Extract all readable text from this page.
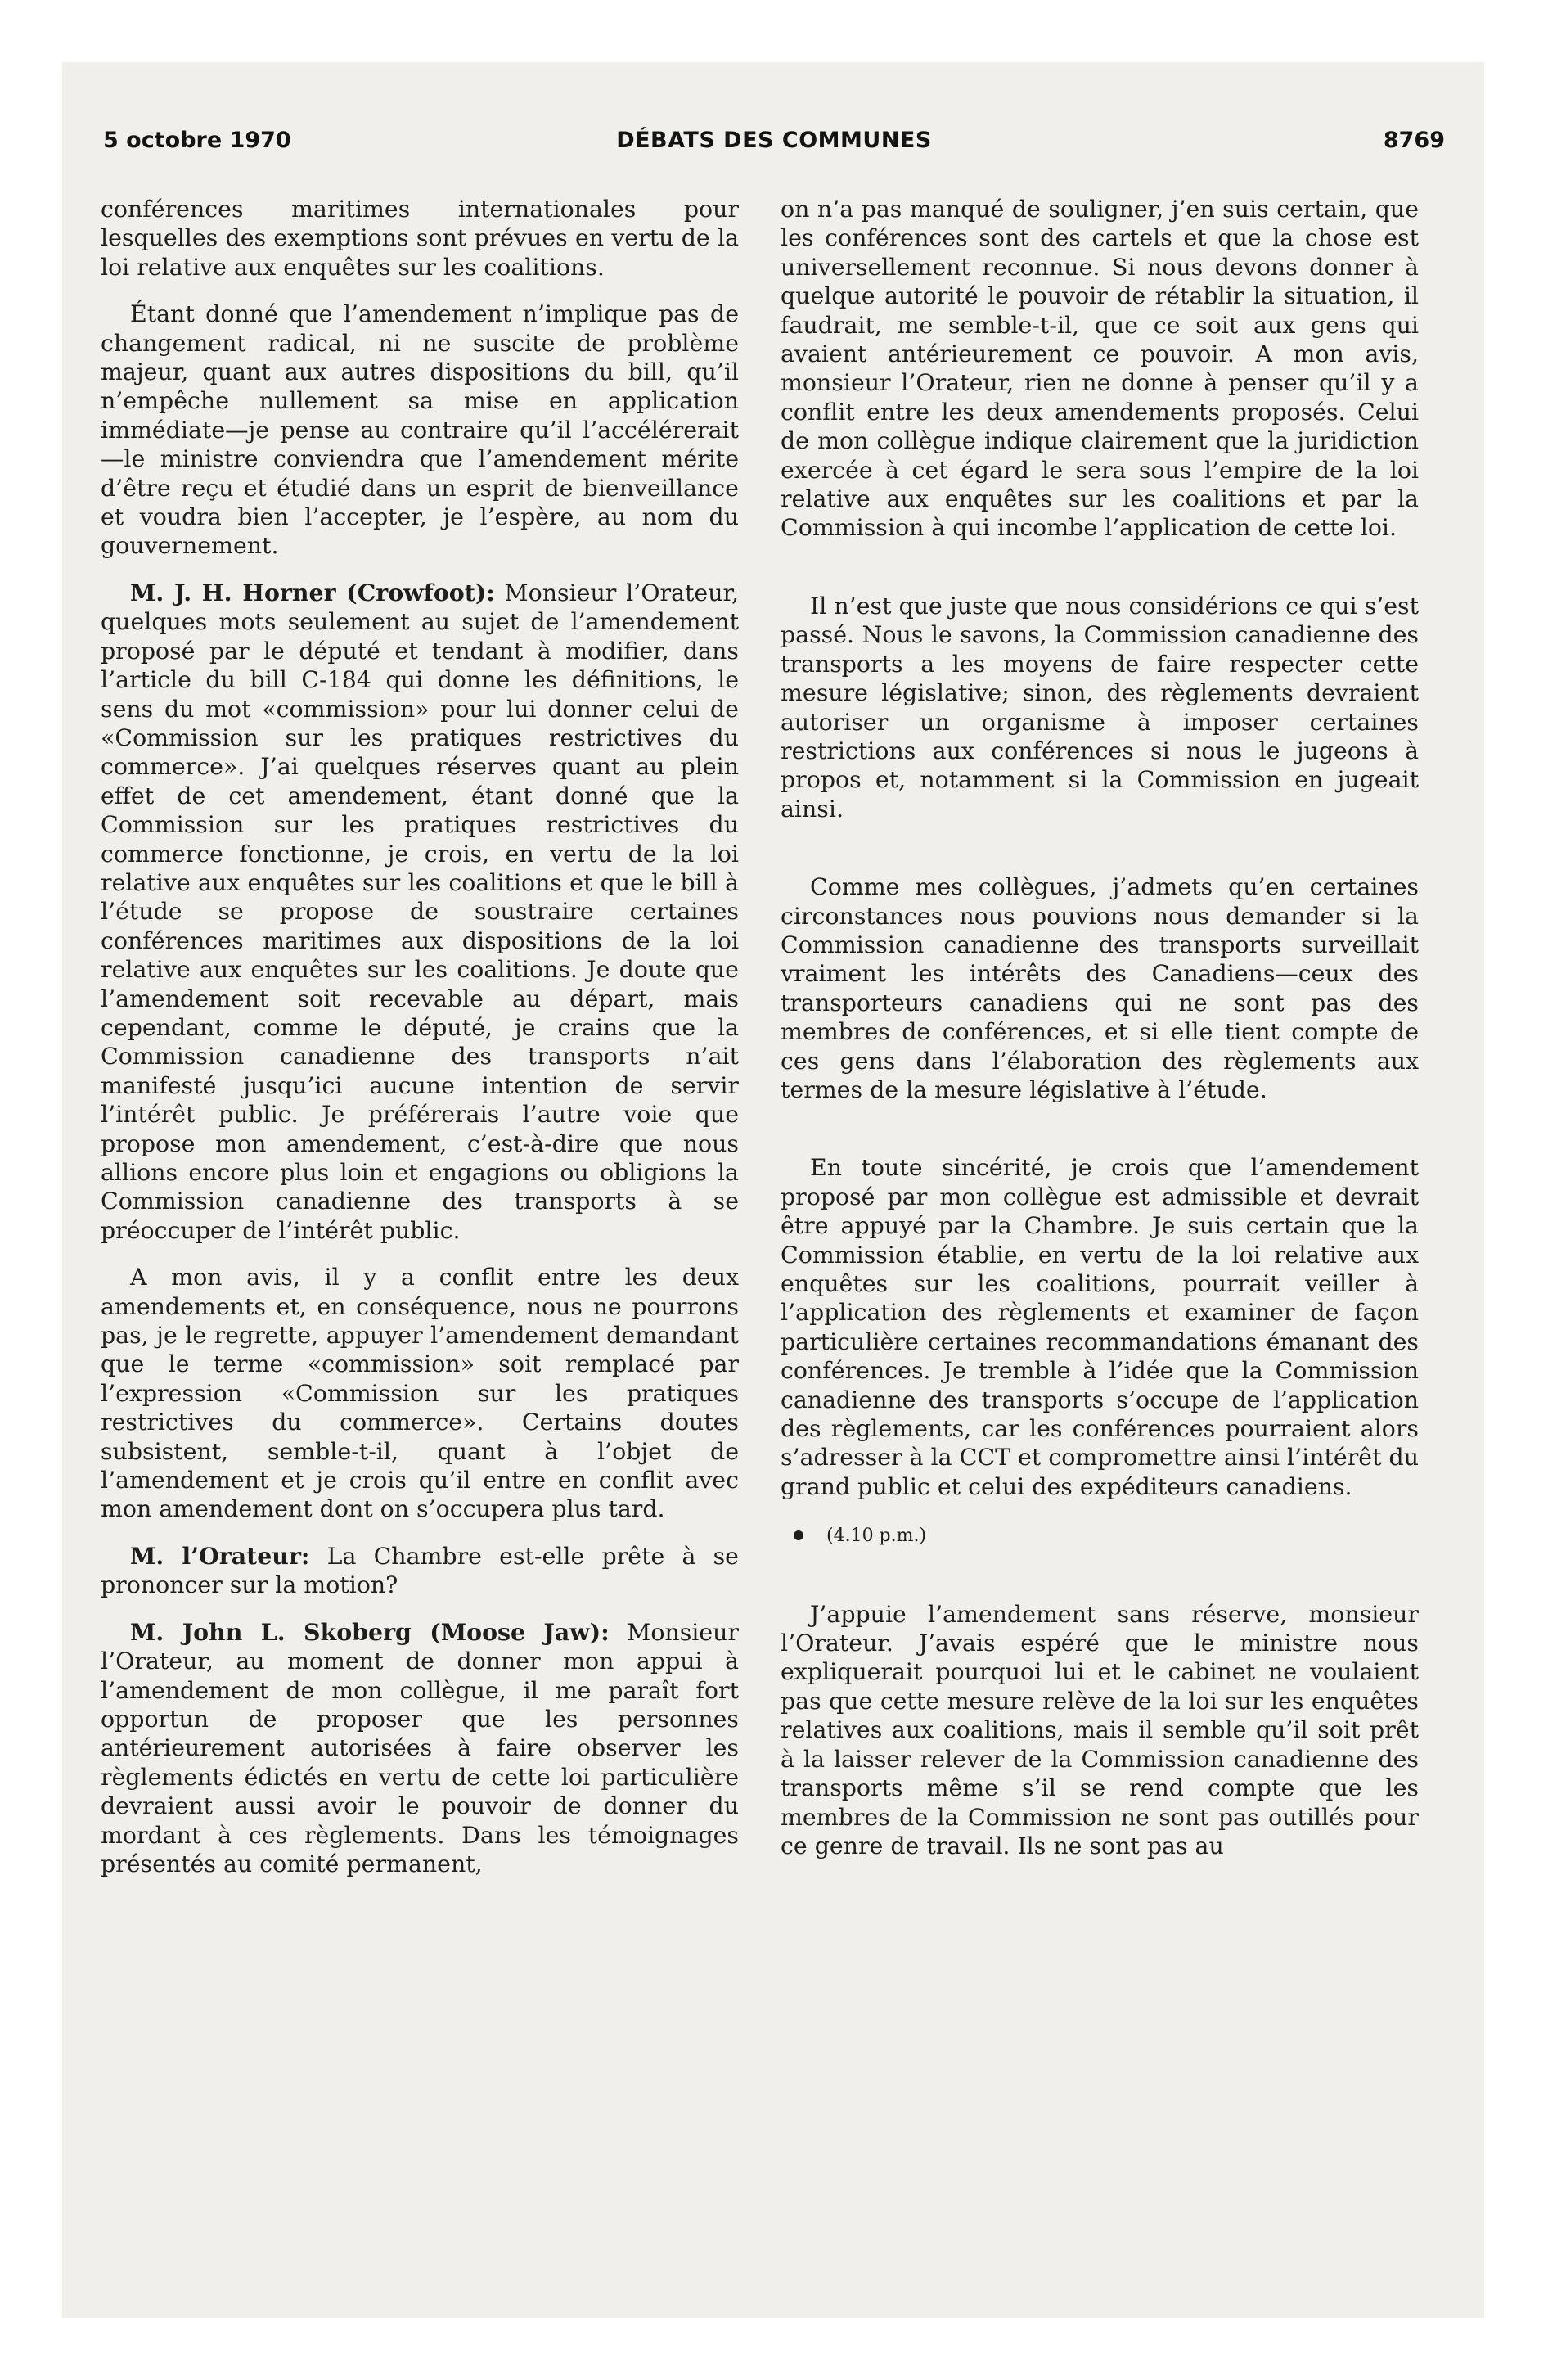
5 octobre 1970	DÉBATS DES COMMUNES	8769

conférences maritimes internationales pour lesquelles des exemptions sont prévues en vertu de la loi relative aux enquêtes sur les coalitions.

Étant donné que l’amendement n’implique pas de changement radical, ni ne suscite de problème majeur, quant aux autres dispositions du bill, qu’il n’empêche nullement sa mise en application immédiate—je pense au contraire qu’il l’accélérerait—le ministre conviendra que l’amendement mérite d’être reçu et étudié dans un esprit de bienveillance et voudra bien l’accepter, je l’espère, au nom du gouvernement.

M. J. H. Horner (Crowfoot): Monsieur l’Orateur, quelques mots seulement au sujet de l’amendement proposé par le député et tendant à modifier, dans l’article du bill C-184 qui donne les définitions, le sens du mot «commission» pour lui donner celui de «Commission sur les pratiques restrictives du commerce». J’ai quelques réserves quant au plein effet de cet amendement, étant donné que la Commission sur les pratiques restrictives du commerce fonctionne, je crois, en vertu de la loi relative aux enquêtes sur les coalitions et que le bill à l’étude se propose de soustraire certaines conférences maritimes aux dispositions de la loi relative aux enquêtes sur les coalitions. Je doute que l’amendement soit recevable au départ, mais cependant, comme le député, je crains que la Commission canadienne des transports n’ait manifesté jusqu’ici aucune intention de servir l’intérêt public. Je préférerais l’autre voie que propose mon amendement, c’est-à-dire que nous allions encore plus loin et engagions ou obligions la Commission canadienne des transports à se préoccuper de l’intérêt public.

A mon avis, il y a conflit entre les deux amendements et, en conséquence, nous ne pourrons pas, je le regrette, appuyer l’amendement demandant que le terme «commission» soit remplacé par l’expression «Commission sur les pratiques restrictives du commerce». Certains doutes subsistent, semble-t-il, quant à l’objet de l’amendement et je crois qu’il entre en conflit avec mon amendement dont on s’occupera plus tard.

M. l’Orateur: La Chambre est-elle prête à se prononcer sur la motion?

M. John L. Skoberg (Moose Jaw): Monsieur l’Orateur, au moment de donner mon appui à l’amendement de mon collègue, il me paraît fort opportun de proposer que les personnes antérieurement autorisées à faire observer les règlements édictés en vertu de cette loi particulière devraient aussi avoir le pouvoir de donner du mordant à ces règlements. Dans les témoignages présentés au comité permanent,

on n’a pas manqué de souligner, j’en suis certain, que les conférences sont des cartels et que la chose est universellement reconnue. Si nous devons donner à quelque autorité le pouvoir de rétablir la situation, il faudrait, me semble-t-il, que ce soit aux gens qui avaient antérieurement ce pouvoir. A mon avis, monsieur l’Orateur, rien ne donne à penser qu’il y a conflit entre les deux amendements proposés. Celui de mon collègue indique clairement que la juridiction exercée à cet égard le sera sous l’empire de la loi relative aux enquêtes sur les coalitions et par la Commission à qui incombe l’application de cette loi.

Il n’est que juste que nous considérions ce qui s’est passé. Nous le savons, la Commission canadienne des transports a les moyens de faire respecter cette mesure législative; sinon, des règlements devraient autoriser un organisme à imposer certaines restrictions aux conférences si nous le jugeons à propos et, notamment si la Commission en jugeait ainsi.

Comme mes collègues, j’admets qu’en certaines circonstances nous pouvions nous demander si la Commission canadienne des transports surveillait vraiment les intérêts des Canadiens—ceux des transporteurs canadiens qui ne sont pas des membres de conférences, et si elle tient compte de ces gens dans l’élaboration des règlements aux termes de la mesure législative à l’étude.

En toute sincérité, je crois que l’amendement proposé par mon collègue est admissible et devrait être appuyé par la Chambre. Je suis certain que la Commission établie, en vertu de la loi relative aux enquêtes sur les coalitions, pourrait veiller à l’application des règlements et examiner de façon particulière certaines recommandations émanant des conférences. Je tremble à l’idée que la Commission canadienne des transports s’occupe de l’application des règlements, car les conférences pourraient alors s’adresser à la CCT et compromettre ainsi l’intérêt du grand public et celui des expéditeurs canadiens.

(4.10 p.m.)

J’appuie l’amendement sans réserve, monsieur l’Orateur. J’avais espéré que le ministre nous expliquerait pourquoi lui et le cabinet ne voulaient pas que cette mesure relève de la loi sur les enquêtes relatives aux coalitions, mais il semble qu’il soit prêt à la laisser relever de la Commission canadienne des transports même s’il se rend compte que les membres de la Commission ne sont pas outillés pour ce genre de travail. Ils ne sont pas au
